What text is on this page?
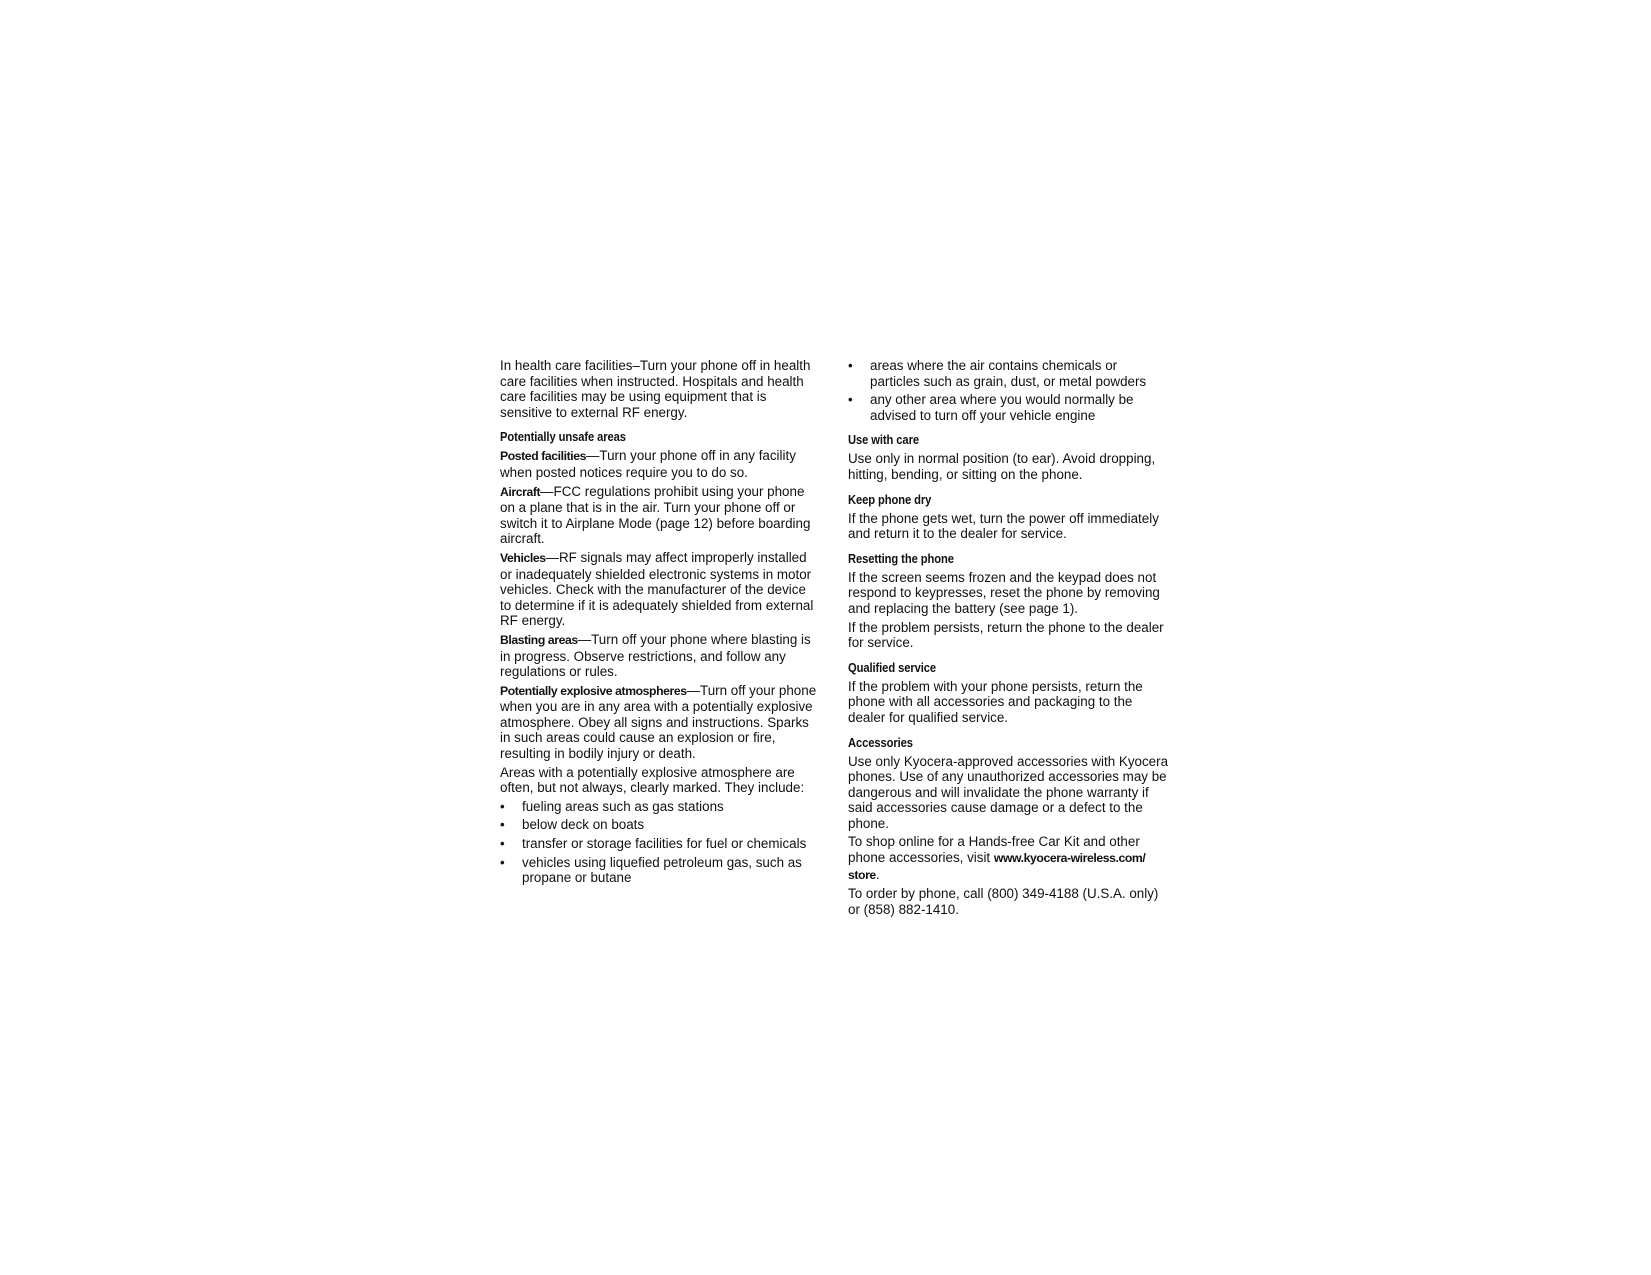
In health care facilities–Turn your phone off in health care facilities when instructed. Hospitals and health care facilities may be using equipment that is sensitive to external RF energy.

Potentially unsafe areas

Posted facilities—Turn your phone off in any facility when posted notices require you to do so.

Aircraft—FCC regulations prohibit using your phone on a plane that is in the air. Turn your phone off or switch it to Airplane Mode (page 12) before boarding aircraft.

Vehicles—RF signals may affect improperly installed or inadequately shielded electronic systems in motor vehicles. Check with the manufacturer of the device to determine if it is adequately shielded from external RF energy.

Blasting areas—Turn off your phone where blasting is in progress. Observe restrictions, and follow any regulations or rules.

Potentially explosive atmospheres—Turn off your phone when you are in any area with a potentially explosive atmosphere. Obey all signs and instructions. Sparks in such areas could cause an explosion or fire, resulting in bodily injury or death.

Areas with a potentially explosive atmosphere are often, but not always, clearly marked. They include:

• fueling areas such as gas stations
• below deck on boats
• transfer or storage facilities for fuel or chemicals
• vehicles using liquefied petroleum gas, such as propane or butane
• areas where the air contains chemicals or particles such as grain, dust, or metal powders
• any other area where you would normally be advised to turn off your vehicle engine
Use with care

Use only in normal position (to ear). Avoid dropping, hitting, bending, or sitting on the phone.

Keep phone dry

If the phone gets wet, turn the power off immediately and return it to the dealer for service.

Resetting the phone

If the screen seems frozen and the keypad does not respond to keypresses, reset the phone by removing and replacing the battery (see page 1).

If the problem persists, return the phone to the dealer for service.

Qualified service

If the problem with your phone persists, return the phone with all accessories and packaging to the dealer for qualified service.

Accessories

Use only Kyocera-approved accessories with Kyocera phones. Use of any unauthorized accessories may be dangerous and will invalidate the phone warranty if said accessories cause damage or a defect to the phone.

To shop online for a Hands-free Car Kit and other phone accessories, visit www.kyocera-wireless.com/ store.

To order by phone, call (800) 349-4188 (U.S.A. only) or (858) 882-1410.
